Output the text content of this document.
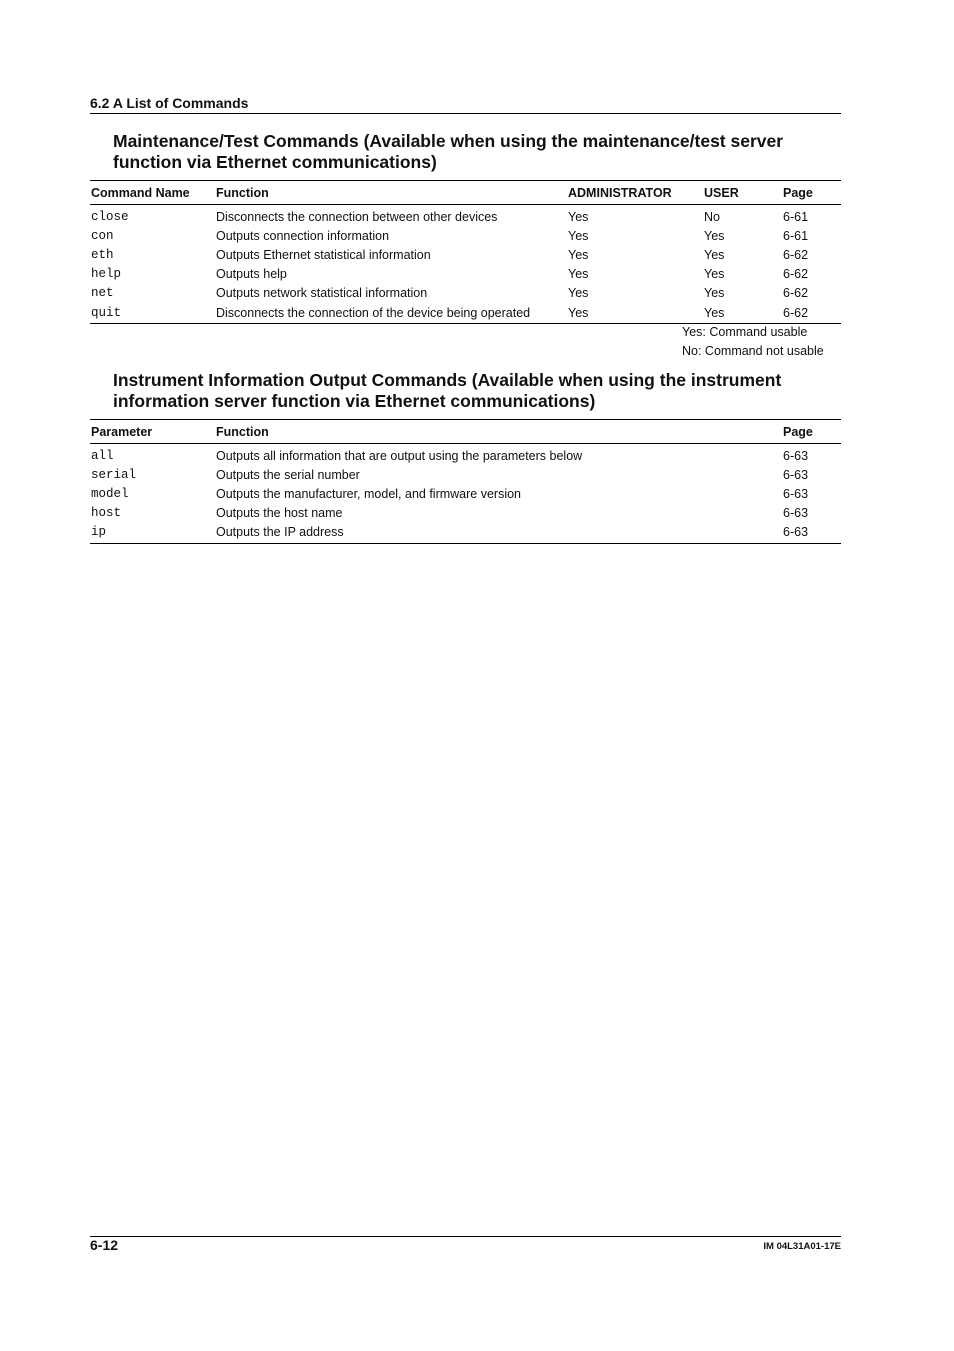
6.2 A List of Commands
Maintenance/Test Commands (Available when using the maintenance/test server
function via Ethernet communications)
Command Name	Function	ADMINISTRATOR	USER	Page
close	Disconnects the connection between other devices	Yes	No	6-61
con	Outputs connection information	Yes	Yes	6-61
eth	Outputs Ethernet statistical information	Yes	Yes	6-62
help	Outputs help	Yes	Yes	6-62
net	Outputs network statistical information	Yes	Yes	6-62
quit	Disconnects the connection of the device being operated	Yes	Yes	6-62
Yes: Command usable
No: Command not usable
Instrument Information Output Commands (Available when using the instrument
information server function via Ethernet communications)
Parameter	Function	Page
all	Outputs all information that are output using the parameters below	6-63
serial	Outputs the serial number	6-63
model	Outputs the manufacturer, model, and firmware version	6-63
host	Outputs the host name	6-63
ip	Outputs the IP address	6-63
6-12	IM 04L31A01-17E
